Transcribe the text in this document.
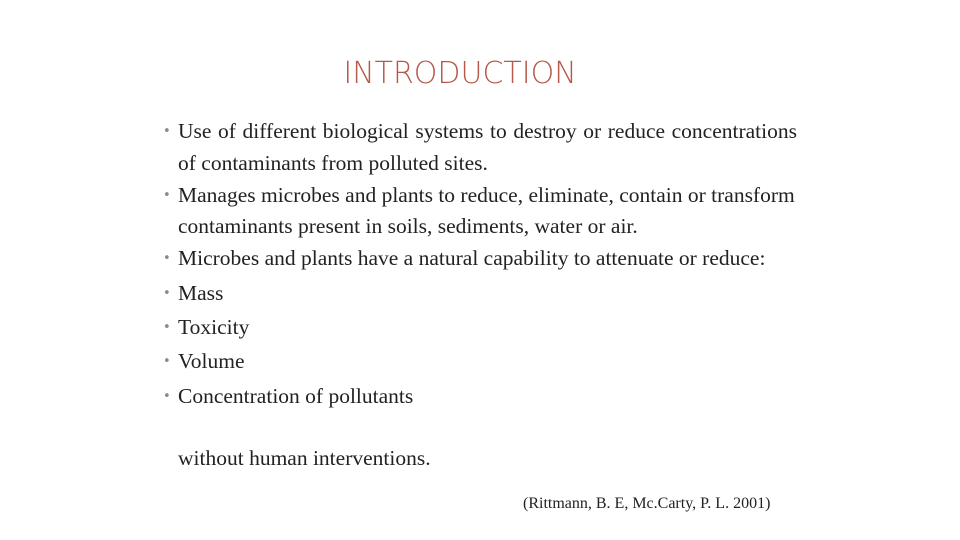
INTRODUCTION
• Use of different biological systems to destroy or reduce concentrations of contaminants from polluted sites.
• Manages microbes and plants to reduce, eliminate, contain or transform contaminants present in soils, sediments, water or air.
• Microbes and plants have a natural capability to attenuate or reduce:
• Mass
• Toxicity
• Volume
• Concentration of pollutants
without human interventions.
(Rittmann, B. E, Mc.Carty, P. L. 2001)
